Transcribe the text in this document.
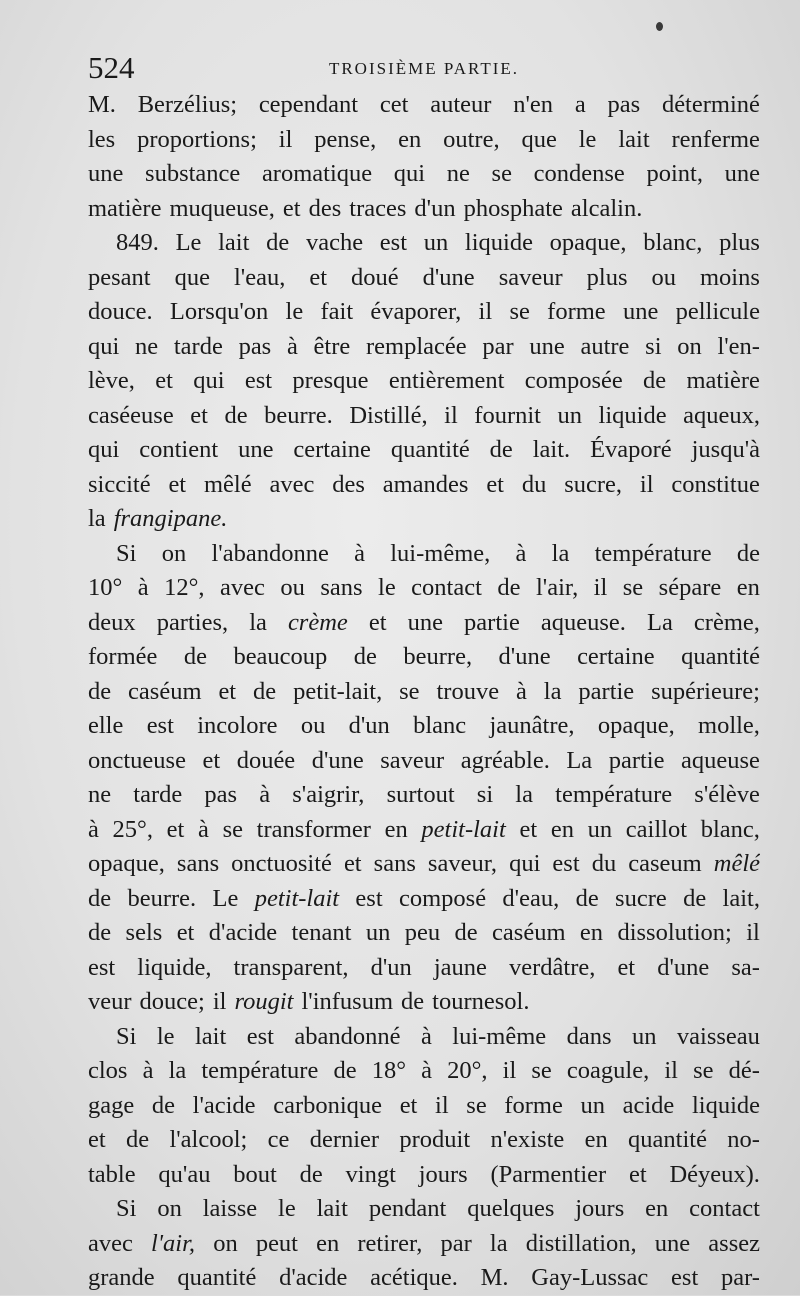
524	TROISIÈME PARTIE.
M. Berzélius; cependant cet auteur n'en a pas déterminé
les proportions; il pense, en outre, que le lait renferme
une substance aromatique qui ne se condense point, une
matière muqueuse, et des traces d'un phosphate alcalin.
849. Le lait de vache est un liquide opaque, blanc, plus
pesant que l'eau, et doué d'une saveur plus ou moins
douce. Lorsqu'on le fait évaporer, il se forme une pellicule
qui ne tarde pas à être remplacée par une autre si on l'en-
lève, et qui est presque entièrement composée de matière
caséeuse et de beurre. Distillé, il fournit un liquide aqueux,
qui contient une certaine quantité de lait. Évaporé jusqu'à
siccité et mêlé avec des amandes et du sucre, il constitue
la frangipane.
Si on l'abandonne à lui-même, à la température de
10° à 12°, avec ou sans le contact de l'air, il se sépare en
deux parties, la crème et une partie aqueuse. La crème,
formée de beaucoup de beurre, d'une certaine quantité
de caséum et de petit-lait, se trouve à la partie supérieure;
elle est incolore ou d'un blanc jaunâtre, opaque, molle,
onctueuse et douée d'une saveur agréable. La partie aqueuse
ne tarde pas à s'aigrir, surtout si la température s'élève
à 25°, et à se transformer en petit-lait et en un caillot blanc,
opaque, sans onctuosité et sans saveur, qui est du caseum mêlé
de beurre. Le petit-lait est composé d'eau, de sucre de lait,
de sels et d'acide tenant un peu de caséum en dissolution; il
est liquide, transparent, d'un jaune verdâtre, et d'une sa-
veur douce; il rougit l'infusum de tournesol.
Si le lait est abandonné à lui-même dans un vaisseau
clos à la température de 18° à 20°, il se coagule, il se dé-
gage de l'acide carbonique et il se forme un acide liquide
et de l'alcool; ce dernier produit n'existe en quantité no-
table qu'au bout de vingt jours (Parmentier et Déyeux).
Si on laisse le lait pendant quelques jours en contact
avec l'air, on peut en retirer, par la distillation, une assez
grande quantité d'acide acétique. M. Gay-Lussac est par-
